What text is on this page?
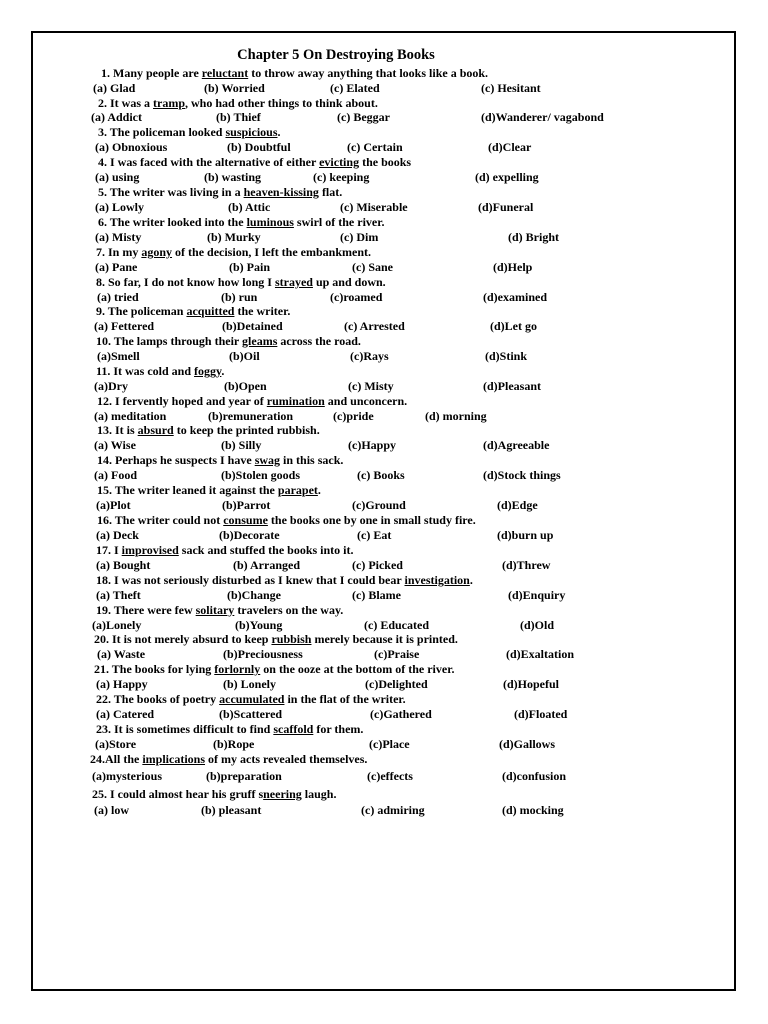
Chapter 5 On Destroying Books
1. Many people are reluctant to throw away anything that looks like a book.
(a) Glad	(b) Worried	(c) Elated	(c) Hesitant
2. It was a tramp, who had other things to think about.
(a) Addict	(b) Thief	(c) Beggar	(d)Wanderer/ vagabond
3. The policeman looked suspicious.
(a) Obnoxious	(b) Doubtful	(c) Certain	(d)Clear
4. I was faced with the alternative of either evicting the books
(a) using	(b) wasting	(c) keeping	(d) expelling
5. The writer was living in a heaven-kissing flat.
(a) Lowly	(b) Attic	(c) Miserable	(d)Funeral
6. The writer looked into the luminous swirl of the river.
(a) Misty	(b) Murky	(c) Dim	(d) Bright
7. In my agony of the decision, I left the embankment.
(a) Pane	(b) Pain	(c) Sane	(d)Help
8. So far, I do not know how long I strayed up and down.
(a) tried	(b) run	(c)roamed	(d)examined
9. The policeman acquitted the writer.
(a) Fettered	(b)Detained	(c) Arrested	(d)Let go
10. The lamps through their gleams across the road.
(a)Smell	(b)Oil	(c)Rays	(d)Stink
11. It was cold and foggy.
(a)Dry	(b)Open	(c) Misty	(d)Pleasant
12. I fervently hoped and year of rumination and unconcern.
(a) meditation	(b)remuneration	(c)pride	(d) morning
13. It is absurd to keep the printed rubbish.
(a) Wise	(b) Silly	(c)Happy	(d)Agreeable
14. Perhaps he suspects I have swag in this sack.
(a) Food	(b)Stolen goods	(c) Books	(d)Stock things
15. The writer leaned it against the parapet.
(a)Plot	(b)Parrot	(c)Ground	(d)Edge
16. The writer could not consume the books one by one in small study fire.
(a) Deck	(b)Decorate	(c) Eat	(d)burn up
17. I improvised sack and stuffed the books into it.
(a) Bought	(b) Arranged	(c) Picked	(d)Threw
18. I was not seriously disturbed as I knew that I could bear investigation.
(a) Theft	(b)Change	(c) Blame	(d)Enquiry
19. There were few solitary travelers on the way.
(a)Lonely	(b)Young	(c) Educated	(d)Old
20. It is not merely absurd to keep rubbish merely because it is printed.
(a) Waste	(b)Preciousness	(c)Praise	(d)Exaltation
21. The books for lying forlornly on the ooze at the bottom of the river.
(a) Happy	(b) Lonely	(c)Delighted	(d)Hopeful
22. The books of poetry accumulated in the flat of the writer.
(a) Catered	(b)Scattered	(c)Gathered	(d)Floated
23. It is sometimes difficult to find scaffold for them.
(a)Store	(b)Rope	(c)Place	(d)Gallows
24.All the implications of my acts revealed themselves.
(a)mysterious	(b)preparation	(c)effects	(d)confusion
25. I could almost hear his gruff sneering laugh.
(a) low	(b) pleasant	(c) admiring	(d) mocking
